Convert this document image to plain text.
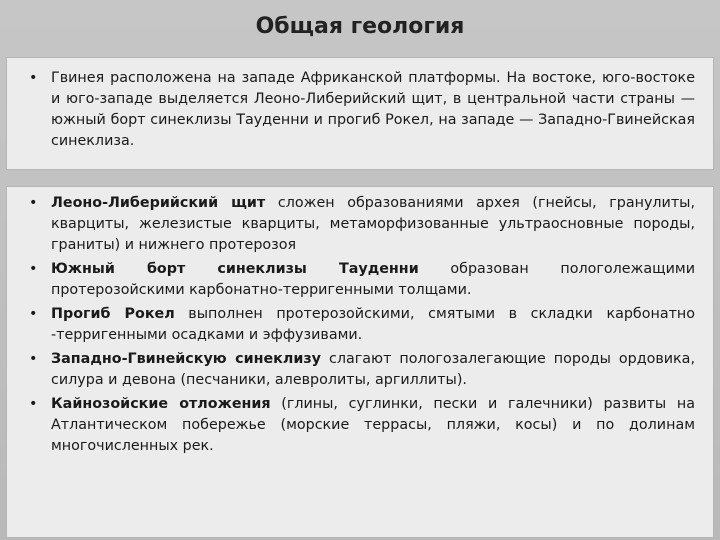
Общая геология
• Гвинея расположена на западе Африканской платформы. На востоке, юго-востоке и юго-западе выделяется Леоно-Либерийский щит, в центральной части страны — южный борт синеклизы Тауденни и прогиб Рокел, на западе — Западно-Гвинейская синеклиза.
• Леоно-Либерийский щит сложен образованиями архея (гнейсы, гранулиты, кварциты, железистые кварциты, метаморфизованные ультраосновные породы, граниты) и нижнего протерозоя
• Южный борт синеклизы Тауденни образован пологолежащими протерозойскими карбонатно-терригенными толщами.
• Прогиб Рокел выполнен протерозойскими, смятыми в складки карбонатно -терригенными осадками и эффузивами.
• Западно-Гвинейскую синеклизу слагают пологозалегающие породы ордовика, силура и девона (песчаники, алевролиты, аргиллиты).
• Кайнозойские отложения (глины, суглинки, пески и галечники) развиты на Атлантическом побережье (морские террасы, пляжи, косы) и по долинам многочисленных рек.
